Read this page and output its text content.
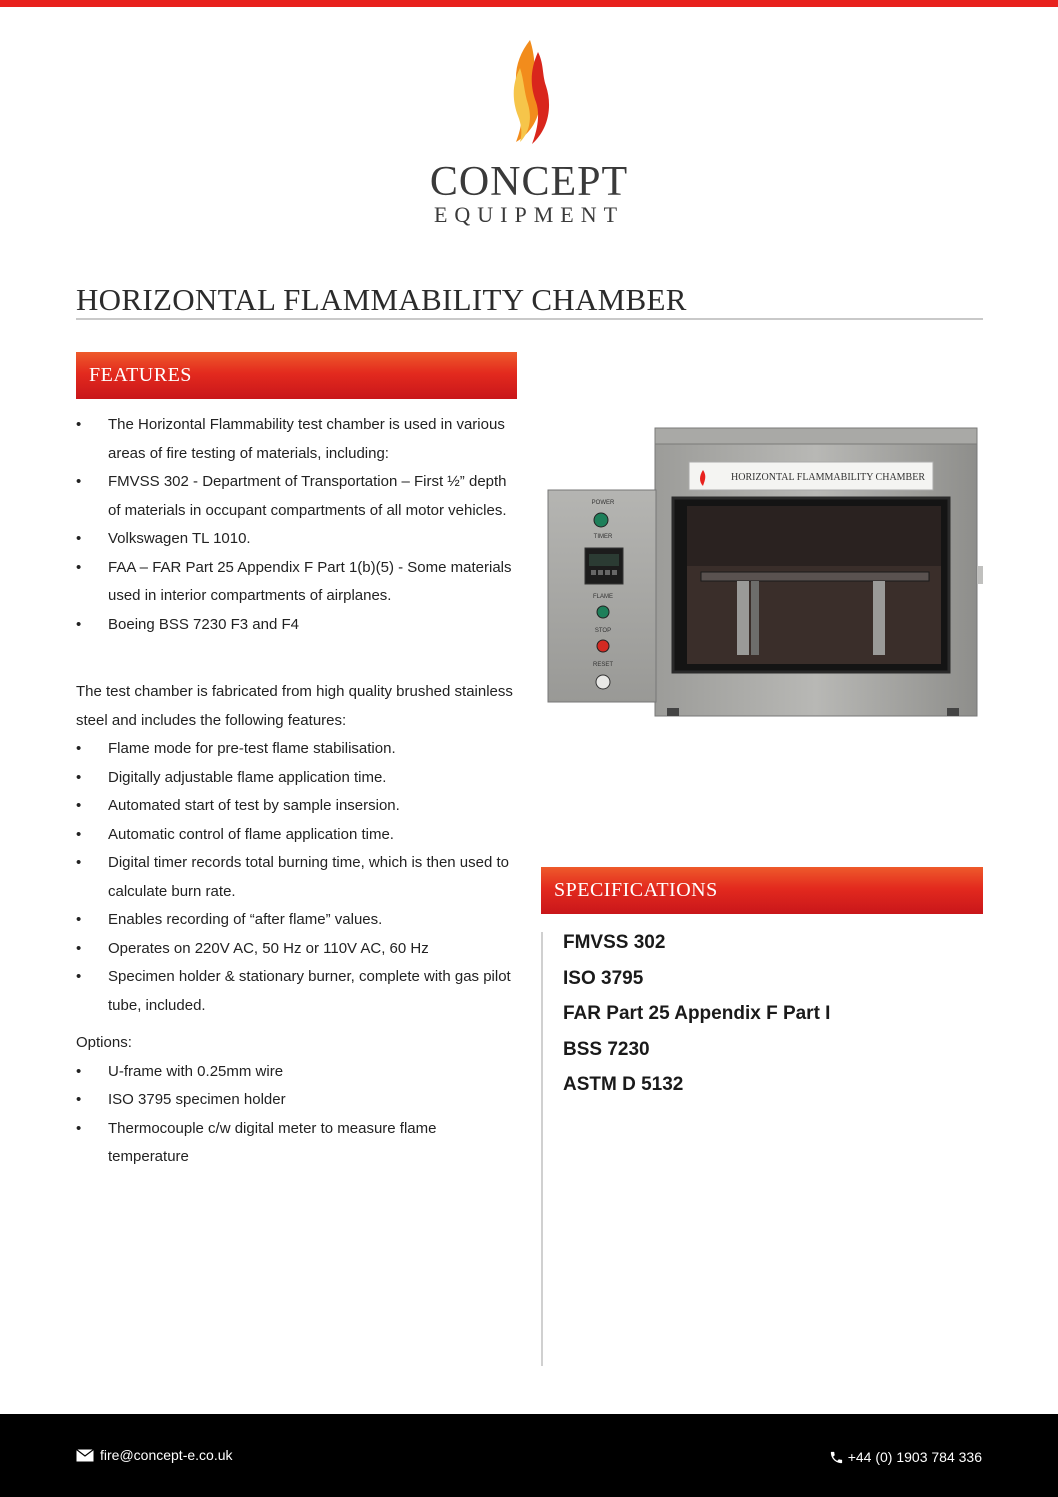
CONCEPT
EQUIPMENT
HORIZONTAL FLAMMABILITY CHAMBER
FEATURES
• The Horizontal Flammability test chamber is used in various areas of fire testing of materials, including:
• FMVSS 302 - Department of Transportation – First ½” depth of materials in occupant compartments of all motor vehicles.
• Volkswagen TL 1010.
• FAA – FAR Part 25 Appendix F Part 1(b)(5) - Some materials used in interior compartments of airplanes.
• Boeing BSS 7230 F3 and F4

The test chamber is fabricated from high quality brushed stainless steel and includes the following features:

• Flame mode for pre-test flame stabilisation.
• Digitally adjustable flame application time.
• Automated start of test by sample insersion.
• Automatic control of flame application time.
• Digital timer records total burning time, which is then used to calculate burn rate.
• Enables recording of “after flame” values.
• Operates on 220V AC, 50 Hz or 110V AC, 60 Hz
• Specimen holder & stationary burner, complete with gas pilot tube, included.

Options:

• U-frame with 0.25mm wire
• ISO 3795 specimen holder
• Thermocouple c/w digital meter to measure flame temperature
HORIZONTAL FLAMMABILITY CHAMBER
POWER
TIMER
FLAME
STOP
RESET
SPECIFICATIONS
FMVSS 302
ISO 3795
FAR Part 25 Appendix F Part I
BSS 7230
ASTM D 5132
fire@concept-e.co.uk	+44 (0) 1903 784 336
